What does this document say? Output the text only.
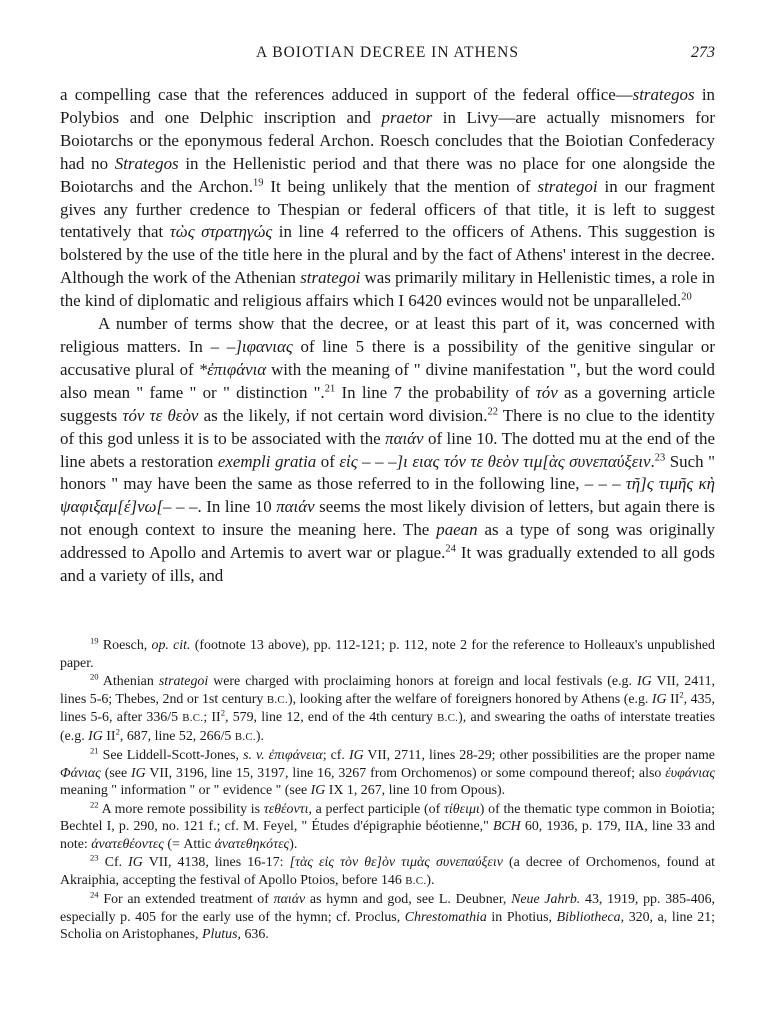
A BOIOTIAN DECREE IN ATHENS	273

a compelling case that the references adduced in support of the federal office—strategos in Polybios and one Delphic inscription and praetor in Livy—are actually misnomers for Boiotarchs or the eponymous federal Archon. Roesch concludes that the Boiotian Confederacy had no Strategos in the Hellenistic period and that there was no place for one alongside the Boiotarchs and the Archon.$^{19}$ It being unlikely that the mention of strategoi in our fragment gives any further credence to Thespian or federal officers of that title, it is left to suggest tentatively that τὼς στρατηγώς in line 4 referred to the officers of Athens. This suggestion is bolstered by the use of the title here in the plural and by the fact of Athens' interest in the decree. Although the work of the Athenian strategoi was primarily military in Hellenistic times, a role in the kind of diplomatic and religious affairs which I 6420 evinces would not be unparalleled.$^{20}$

A number of terms show that the decree, or at least this part of it, was concerned with religious matters. In – –]ιφανιας of line 5 there is a possibility of the genitive singular or accusative plural of *ἐπιφάνια with the meaning of " divine manifestation ", but the word could also mean " fame " or " distinction ".$^{21}$ In line 7 the probability of τόν as a governing article suggests τόν τε θεὸν as the likely, if not certain word division.$^{22}$ There is no clue to the identity of this god unless it is to be associated with the παιάν of line 10. The dotted mu at the end of the line abets a restoration exempli gratia of εἰς – – –]ι ειας τόν τε θεὸν τιμ[ὰς συνεπαύξειν.$^{23}$ Such " honors " may have been the same as those referred to in the following line, – – – τῆ]ς τιμῆς κὴ ψαφιξαμ[έ]νω[– – –. In line 10 παιάν seems the most likely division of letters, but again there is not enough context to insure the meaning here. The paean as a type of song was originally addressed to Apollo and Artemis to avert war or plague.$^{24}$ It was gradually extended to all gods and a variety of ills, and

$^{19}$ Roesch, op. cit. (footnote 13 above), pp. 112-121; p. 112, note 2 for the reference to Holleaux's unpublished paper.

$^{20}$ Athenian strategoi were charged with proclaiming honors at foreign and local festivals (e.g. IG VII, 2411, lines 5-6; Thebes, 2nd or 1st century B.C.), looking after the welfare of foreigners honored by Athens (e.g. IG $II^2$, 435, lines 5-6, after 336/5 B.C.; $II^2$, 579, line 12, end of the 4th century B.C.), and swearing the oaths of interstate treaties (e.g. IG $II^2$, 687, line 52, 266/5 B.C.).

$^{21}$ See Liddell-Scott-Jones, s. v. ἐπιφάνεια; cf. IG VII, 2711, lines 28-29; other possibilities are the proper name Φάνιας (see IG VII, 3196, line 15, 3197, line 16, 3267 from Orchomenos) or some compound thereof; also ἐυφάνιας meaning " information " or " evidence " (see IG IX 1, 267, line 10 from Opous).

$^{22}$ A more remote possibility is τεθέοντι, a perfect participle (of τίθειμι) of the thematic type common in Boiotia; Bechtel I, p. 290, no. 121 f.; cf. M. Feyel, " Études d'épigraphie béotienne," BCH 60, 1936, p. 179, IIA, line 33 and note: ἀνατεθέοντες (= Attic ἀνατεθηκότες).

$^{23}$ Cf. IG VII, 4138, lines 16-17: [τὰς εἰς τὸν θε]ὸν τιμὰς συνεπαύξειν (a decree of Orchomenos, found at Akraiphia, accepting the festival of Apollo Ptoios, before 146 B.C.).

$^{24}$ For an extended treatment of παιάν as hymn and god, see L. Deubner, Neue Jahrb. 43, 1919, pp. 385-406, especially p. 405 for the early use of the hymn; cf. Proclus, Chrestomathia in Photius, Bibliotheca, 320, a, line 21; Scholia on Aristophanes, Plutus, 636.
